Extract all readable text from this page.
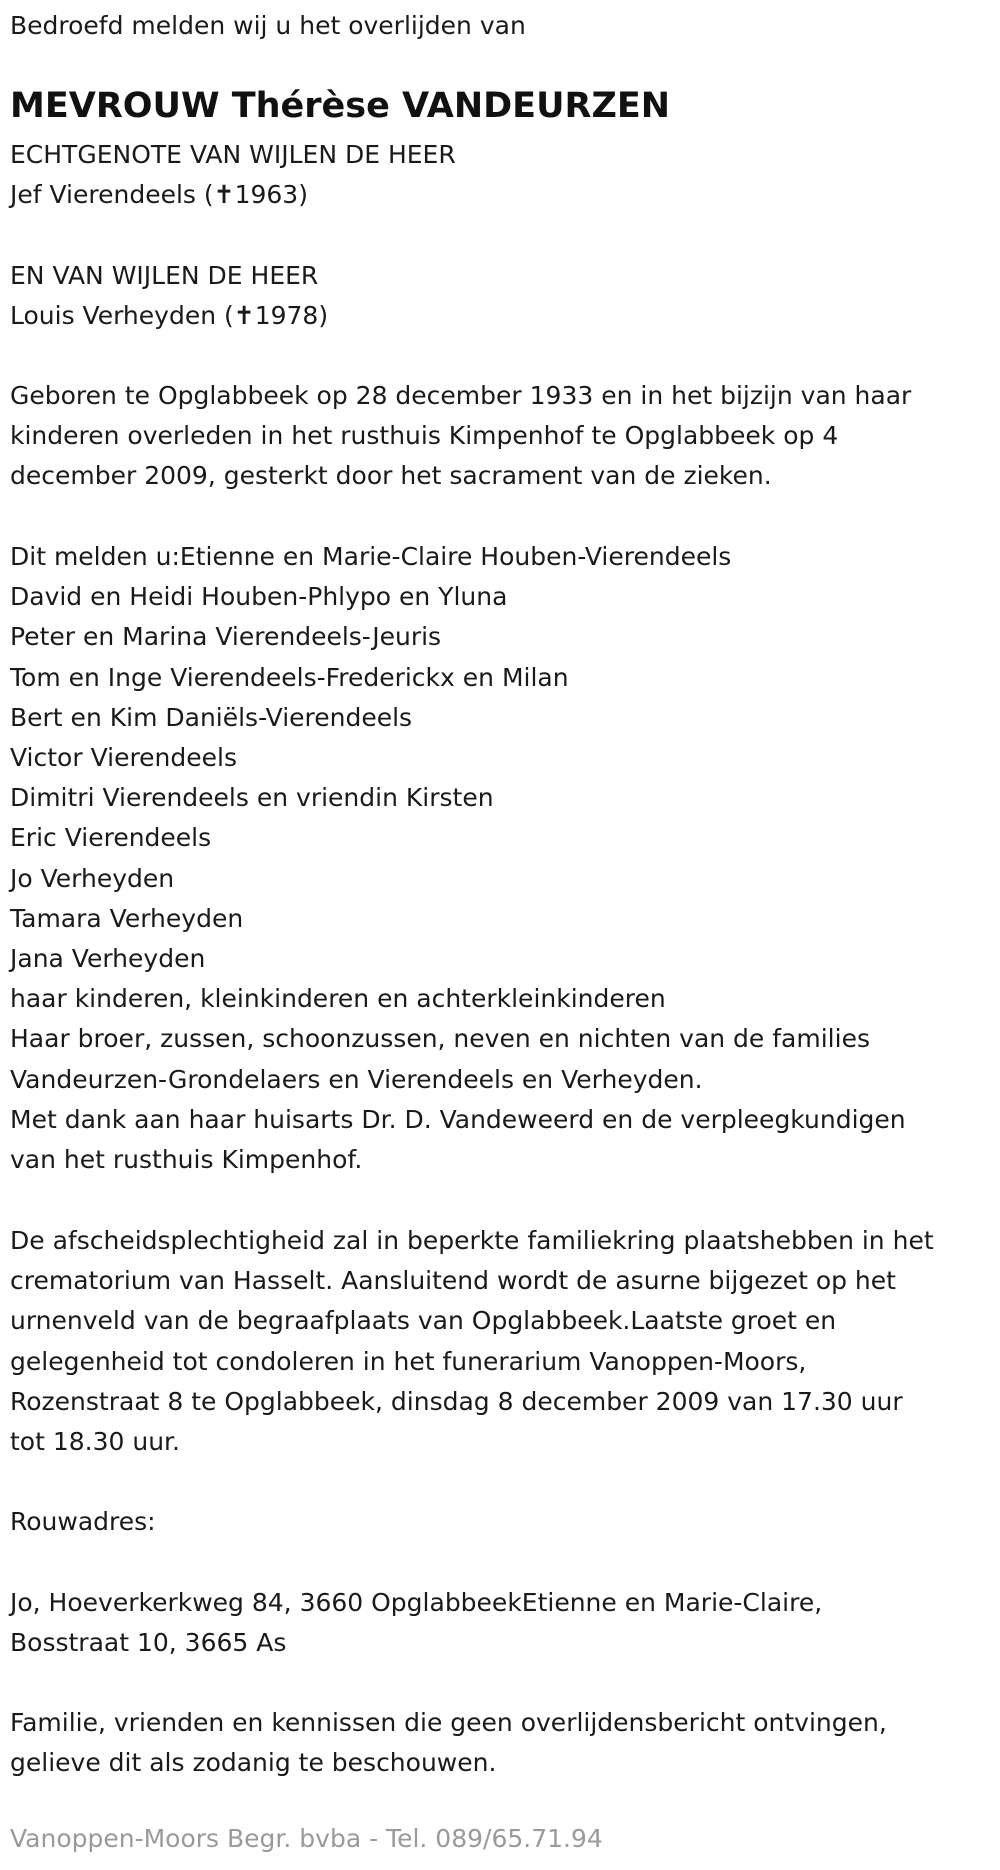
Bedroefd melden wij u het overlijden van

MEVROUW Thérèse VANDEURZEN

ECHTGENOTE VAN WIJLEN DE HEER

Jef Vierendeels (✝1963)

EN VAN WIJLEN DE HEER

Louis Verheyden (✝1978)

Geboren te Opglabbeek op 28 december 1933 en in het bijzijn van haar

kinderen overleden in het rusthuis Kimpenhof te Opglabbeek op 4

december 2009, gesterkt door het sacrament van de zieken.

Dit melden u:Etienne en Marie-Claire Houben-Vierendeels

David en Heidi Houben-Phlypo en Yluna

Peter en Marina Vierendeels-Jeuris

Tom en Inge Vierendeels-Frederickx en Milan

Bert en Kim Daniëls-Vierendeels

Victor Vierendeels

Dimitri Vierendeels en vriendin Kirsten

Eric Vierendeels

Jo Verheyden

Tamara Verheyden

Jana Verheyden

haar kinderen, kleinkinderen en achterkleinkinderen

Haar broer, zussen, schoonzussen, neven en nichten van de families

Vandeurzen-Grondelaers en Vierendeels en Verheyden.

Met dank aan haar huisarts Dr. D. Vandeweerd en de verpleegkundigen

van het rusthuis Kimpenhof.

De afscheidsplechtigheid zal in beperkte familiekring plaatshebben in het

crematorium van Hasselt. Aansluitend wordt de asurne bijgezet op het

urnenveld van de begraafplaats van Opglabbeek.Laatste groet en

gelegenheid tot condoleren in het funerarium Vanoppen-Moors,

Rozenstraat 8 te Opglabbeek, dinsdag 8 december 2009 van 17.30 uur

tot 18.30 uur.

Rouwadres:

Jo, Hoeverkerkweg 84, 3660 OpglabbeekEtienne en Marie-Claire,

Bosstraat 10, 3665 As

Familie, vrienden en kennissen die geen overlijdensbericht ontvingen,

gelieve dit als zodanig te beschouwen.

Vanoppen-Moors Begr. bvba - Tel. 089/65.71.94
